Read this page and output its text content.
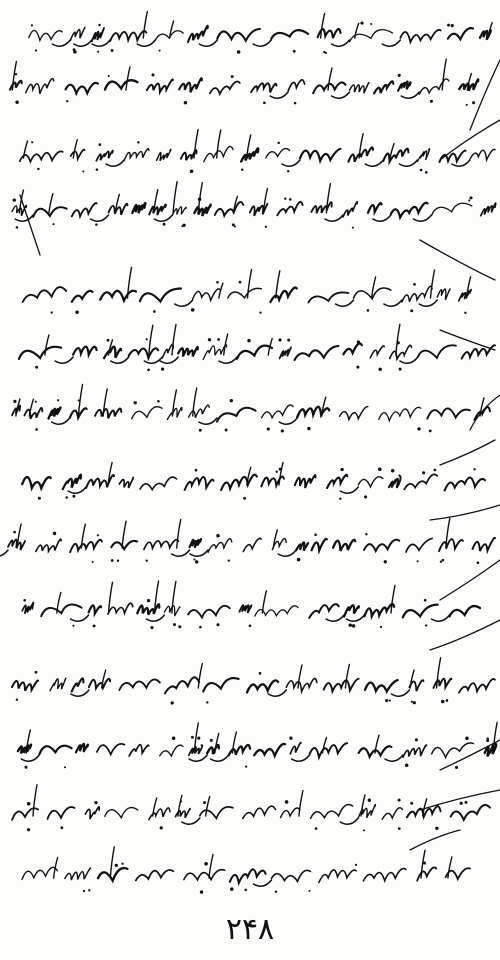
۲۴۸
